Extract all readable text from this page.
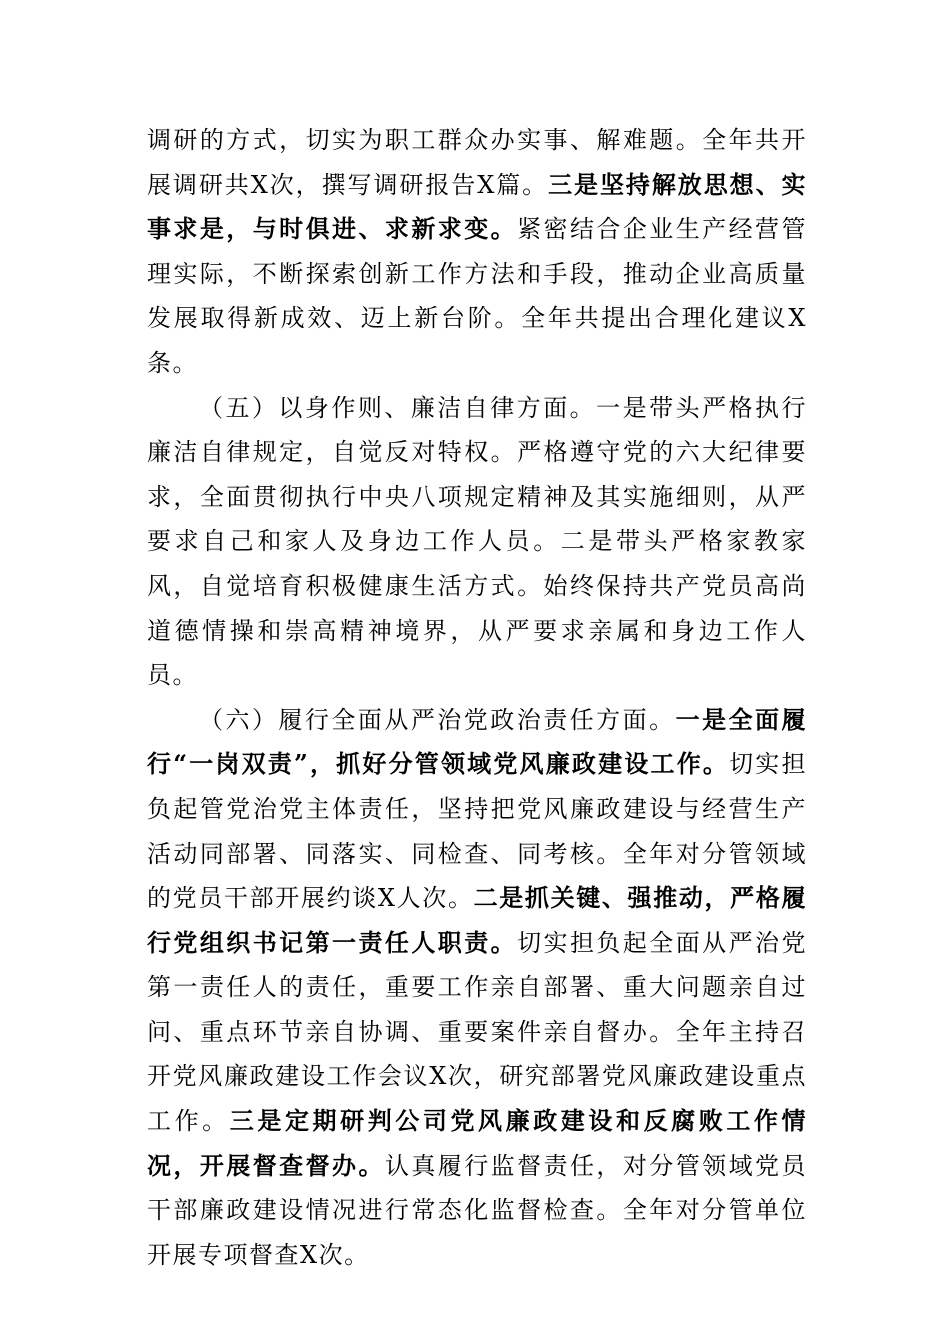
调研的方式，切实为职工群众办实事、解难题。全年共开展调研共X次，撰写调研报告X篇。三是坚持解放思想、实事求是，与时俱进、求新求变。紧密结合企业生产经营管理实际，不断探索创新工作方法和手段，推动企业高质量发展取得新成效、迈上新台阶。全年共提出合理化建议X条。

（五）以身作则、廉洁自律方面。一是带头严格执行廉洁自律规定，自觉反对特权。严格遵守党的六大纪律要求，全面贯彻执行中央八项规定精神及其实施细则，从严要求自己和家人及身边工作人员。二是带头严格家教家风，自觉培育积极健康生活方式。始终保持共产党员高尚道德情操和崇高精神境界，从严要求亲属和身边工作人员。

（六）履行全面从严治党政治责任方面。一是全面履行“一岗双责”，抓好分管领域党风廉政建设工作。切实担负起管党治党主体责任，坚持把党风廉政建设与经营生产活动同部署、同落实、同检查、同考核。全年对分管领域的党员干部开展约谈X人次。二是抓关键、强推动，严格履行党组织书记第一责任人职责。切实担负起全面从严治党第一责任人的责任，重要工作亲自部署、重大问题亲自过问、重点环节亲自协调、重要案件亲自督办。全年主持召开党风廉政建设工作会议X次，研究部署党风廉政建设重点工作。三是定期研判公司党风廉政建设和反腐败工作情况，开展督查督办。认真履行监督责任，对分管领域党员干部廉政建设情况进行常态化监督检查。全年对分管单位开展专项督查X次。
